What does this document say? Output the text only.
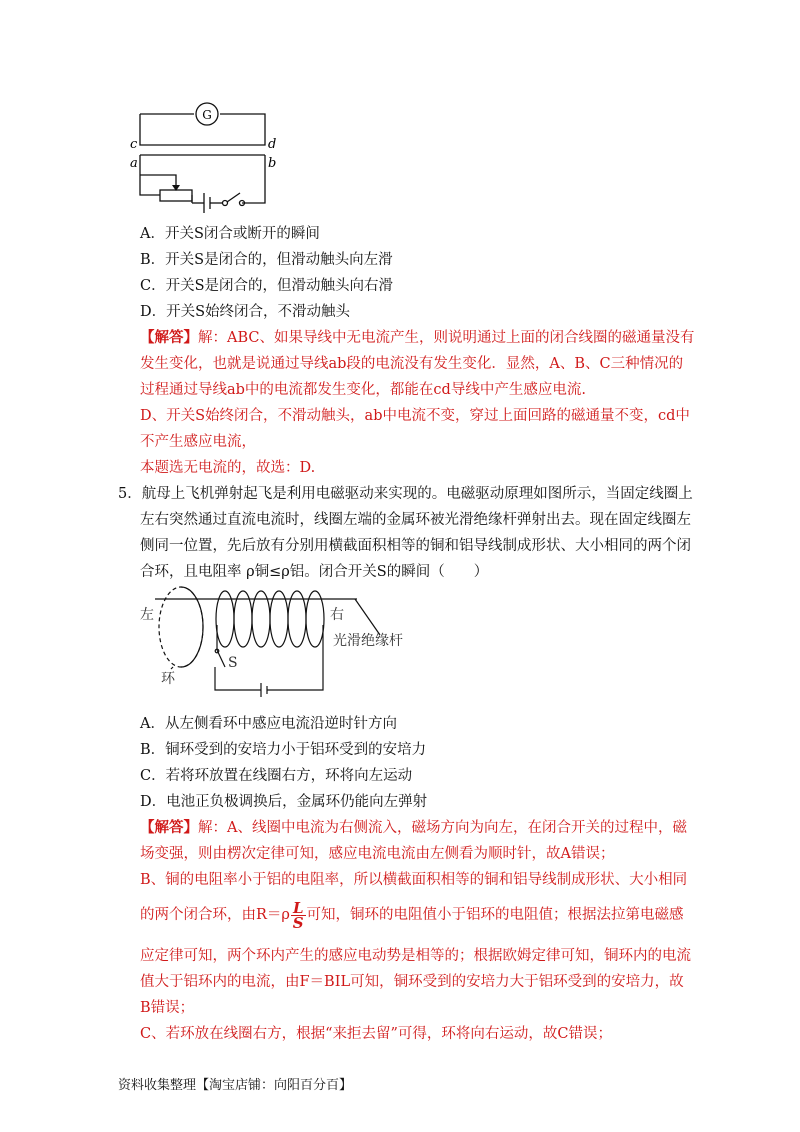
G
c	d
a	b
A．开关S闭合或断开的瞬间
B．开关S是闭合的，但滑动触头向左滑
C．开关S是闭合的，但滑动触头向右滑
D．开关S始终闭合，不滑动触头
【解答】解：ABC、如果导线中无电流产生，则说明通过上面的闭合线圈的磁通量没有
发生变化，也就是说通过导线ab段的电流没有发生变化．显然，A、B、C三种情况的
过程通过导线ab中的电流都发生变化，都能在cd导线中产生感应电流.
D、开关S始终闭合，不滑动触头，ab中电流不变，穿过上面回路的磁通量不变，cd中
不产生感应电流，
本题选无电流的，故选：D.
5．航母上飞机弹射起飞是利用电磁驱动来实现的。电磁驱动原理如图所示，当固定线圈上
左右突然通过直流电流时，线圈左端的金属环被光滑绝缘杆弹射出去。现在固定线圈左
侧同一位置，先后放有分别用横截面积相等的铜和铝导线制成形状、大小相同的两个闭
合环，且电阻率 ρ铜≤ρ铝。闭合开关S的瞬间（　　）
左	右
光滑绝缘杆
S
环
A．从左侧看环中感应电流沿逆时针方向
B．铜环受到的安培力小于铝环受到的安培力
C．若将环放置在线圈右方，环将向左运动
D．电池正负极调换后，金属环仍能向左弹射
【解答】解：A、线圈中电流为右侧流入，磁场方向为向左，在闭合开关的过程中，磁
场变强，则由楞次定律可知，感应电流电流由左侧看为顺时针，故A错误；
B、铜的电阻率小于铝的电阻率，所以横截面积相等的铜和铝导线制成形状、大小相同
的两个闭合环，由$R=\rho \frac{L}{S}$ 可知，铜环的电阻值小于铝环的电阻值；根据法拉第电磁感
应定律可知，两个环内产生的感应电动势是相等的；根据欧姆定律可知，铜环内的电流
值大于铝环内的电流，由F＝BIL可知，铜环受到的安培力大于铝环受到的安培力，故
B错误；
C、若环放在线圈右方，根据“来拒去留”可得，环将向右运动，故C错误；
资料收集整理【淘宝店铺：向阳百分百】
